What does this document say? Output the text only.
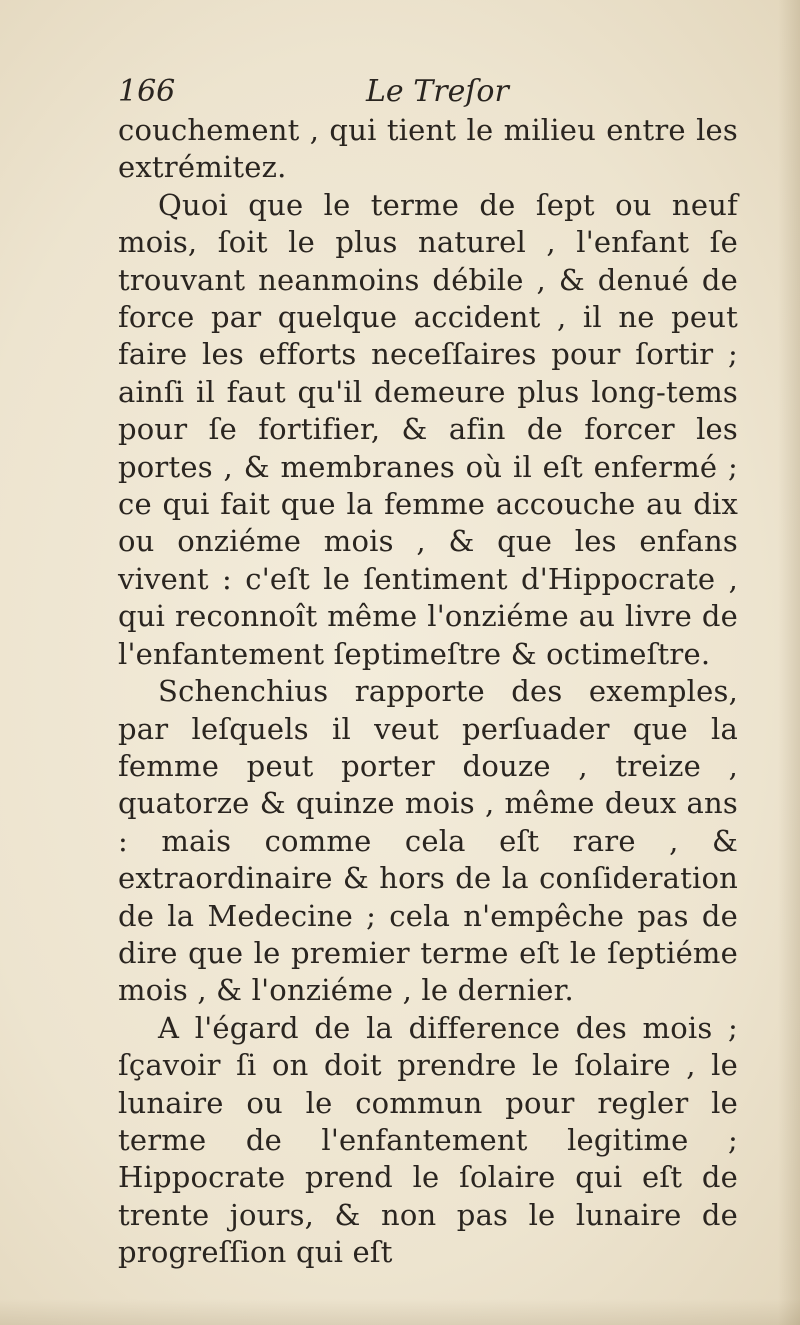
166	Le Treſor

couchement , qui tient le milieu entre les extrémitez.

Quoi que le terme de ſept ou neuf mois, ſoit le plus naturel , l'enfant ſe trouvant neanmoins débile , & denué de force par quelque accident , il ne peut faire les efforts neceſſaires pour ſortir ; ainſi il faut qu'il demeure plus long-tems pour ſe fortifier, & afin de forcer les portes , & membranes où il eſt enfermé ; ce qui fait que la femme accouche au dix ou onziéme mois , & que les enfans vivent : c'eſt le ſentiment d'Hippocrate , qui reconnoît même l'onziéme au livre de l'enfantement ſeptimeſtre & octimeſtre.

Schenchius rapporte des exemples, par leſquels il veut perſuader que la femme peut porter douze , treize , quatorze & quinze mois , même deux ans : mais comme cela eſt rare , & extraordinaire & hors de la conſideration de la Medecine ; cela n'empêche pas de dire que le premier terme eſt le ſeptiéme mois , & l'onziéme , le dernier.

A l'égard de la difference des mois ; ſçavoir ſi on doit prendre le ſolaire , le lunaire ou le commun pour regler le terme de l'enfantement legitime ; Hippocrate prend le ſolaire qui eſt de trente jours, & non pas le lunaire de progreſſion qui eſt
